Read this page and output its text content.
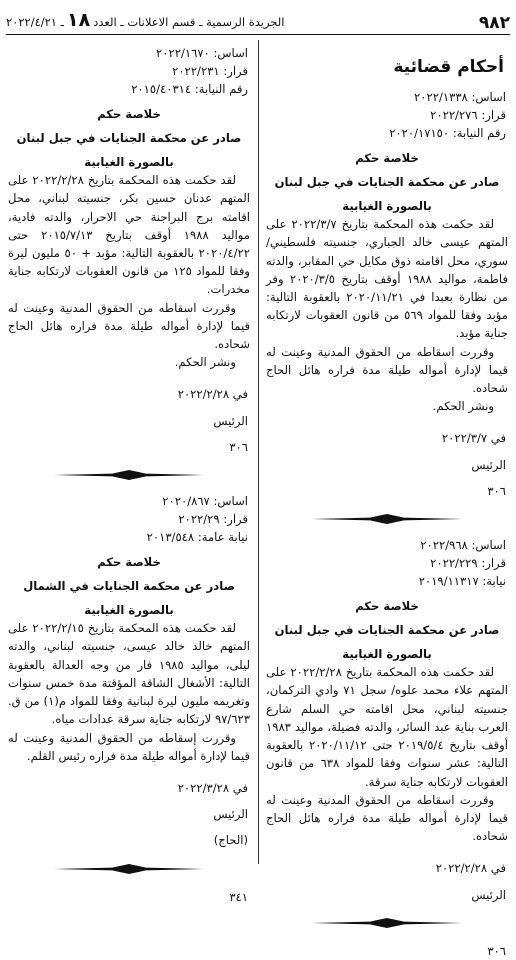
٩٨٢
الجريدة الرسمية ـ قسم الاعلانات ـ العدد١٨ـ ٢٠٢٢/٤/٢١
أحكام قضائية
اساس: ٢٠٢٢/١٣٣٨
قرار: ٢٠٢٢/٢٧٦
رقم النيابة: ٢٠٢٠/١٧١٥٠
خلاصة حكم
صادر عن محكمة الجنايات في جبل لبنان
بالصورة الغيابية

لقد حكمت هذه المحكمة بتاريخ ٢٠٢٢/٣/٧ على المتهم عيسى خالد الجباري، جنسيته فلسطيني/ سوري، محل اقامته ذوق مكايل حي المقابر، والدته فاطمة، مواليد ١٩٨٨ أوقف بتاريخ ٢٠٢٠/٣/٥ وفر من نظارة بعبدا في ٢٠٢٠/١١/٢١ بالعقوبة التالية: مؤبد وفقا للمواد ٥٦٩ من قانون العقوبات لارتكابه جناية مؤبد.

وقررت اسقاطه من الحقوق المدنية وعينت له قيما لإدارة أمواله طيلة مدة فراره هائل الحاج شحاده.

ونشر الحكم.

في ٢٠٢٢/٣/٧
الرئيس
٣٠٦
اساس: ٢٠٢٢/٩٦٨
قرار: ٢٠٢٢/٢٢٩
نيابة: ٢٠١٩/١١٣١٧
خلاصة حكم
صادر عن محكمة الجنايات في جبل لبنان
بالصورة الغيابية

لقد حكمت هذه المحكمة بتاريخ ٢٠٢٢/٢/٢٨ على المتهم علاء محمد علوه/ سجل ٧١ وادي التركمان، جنسيته لبناني، محل اقامته حي السلم شارع العرب بناية عبد السائر، والدته فضيلة، مواليد ١٩٨٣ أوقف بتاريخ ٢٠١٩/٥/٤ حتى ٢٠٢٠/١١/١٢ بالعقوبة التالية: عشر سنوات وفقا للمواد ٦٣٨ من قانون العقوبات لارتكابه جناية سرقة.

وقررت اسقاطه من الحقوق المدنية وعينت له قيما لإدارة أمواله طيلة مدة فراره هائل الحاج شحاده.

في ٢٠٢٢/٢/٢٨
الرئيس
٣٠٦
اساس: ٢٠٢٢/١٦٧٠
قرار: ٢٠٢٢/٢٣١
رقم النيابة: ٢٠١٥/٤٠٣١٤
خلاصة حكم
صادر عن محكمة الجنايات في جبل لبنان
بالصورة الغيابية

لقد حكمت هذه المحكمة بتاريخ ٢٠٢٢/٢/٢٨ على المتهم عدنان حسين بكر، جنسيته لبناني، محل اقامته برج البراجنة حي الاحرار، والدته فادية، مواليد ١٩٨٨ أوقف بتاريخ ٢٠١٥/٧/١٣ حتى ٢٠٢٠/٤/٢٢ بالعقوبة التالية: مؤبد + ٥٠ مليون ليرة وفقا للمواد ١٢٥ من قانون العقوبات لارتكابه جناية مخدرات.

وقررت اسقاطه من الحقوق المدنية وعينت له قيما لإدارة أمواله طيلة مدة فراره هائل الحاج شحاده.

ونشر الحكم.

في ٢٠٢٢/٢/٢٨
الرئيس
٣٠٦
اساس: ٢٠٢٠/٨٦٧
قرار: ٢٠٢٢/٢٩
نيابة عامة: ٢٠١٣/٥٤٨
خلاصة حكم
صادر عن محكمة الجنايات في الشمال
بالصورة الغيابية

لقد حكمت هذه المحكمة بتاريخ ٢٠٢٢/٢/١٥ على المتهم خالد خالد عيسى، جنسيته لبناني، والدته ليلى، مواليد ١٩٨٥ فار من وجه العدالة بالعقوبة التالية: الأشغال الشاقة المؤقتة مدة خمس سنوات وتغريمه مليون ليرة لبنانية وفقا للمواد م(١) من ق. ٩٧/٦٢٣ لارتكابه جناية سرقة عدادات مياه.

وقررت إسقاطه من الحقوق المدنية وعينت له قيما لإدارة أمواله طيلة مدة فراره رئيس القلم.

في ٢٠٢٢/٣/٢٨
الرئيس
(الحاج)
٣٤١
